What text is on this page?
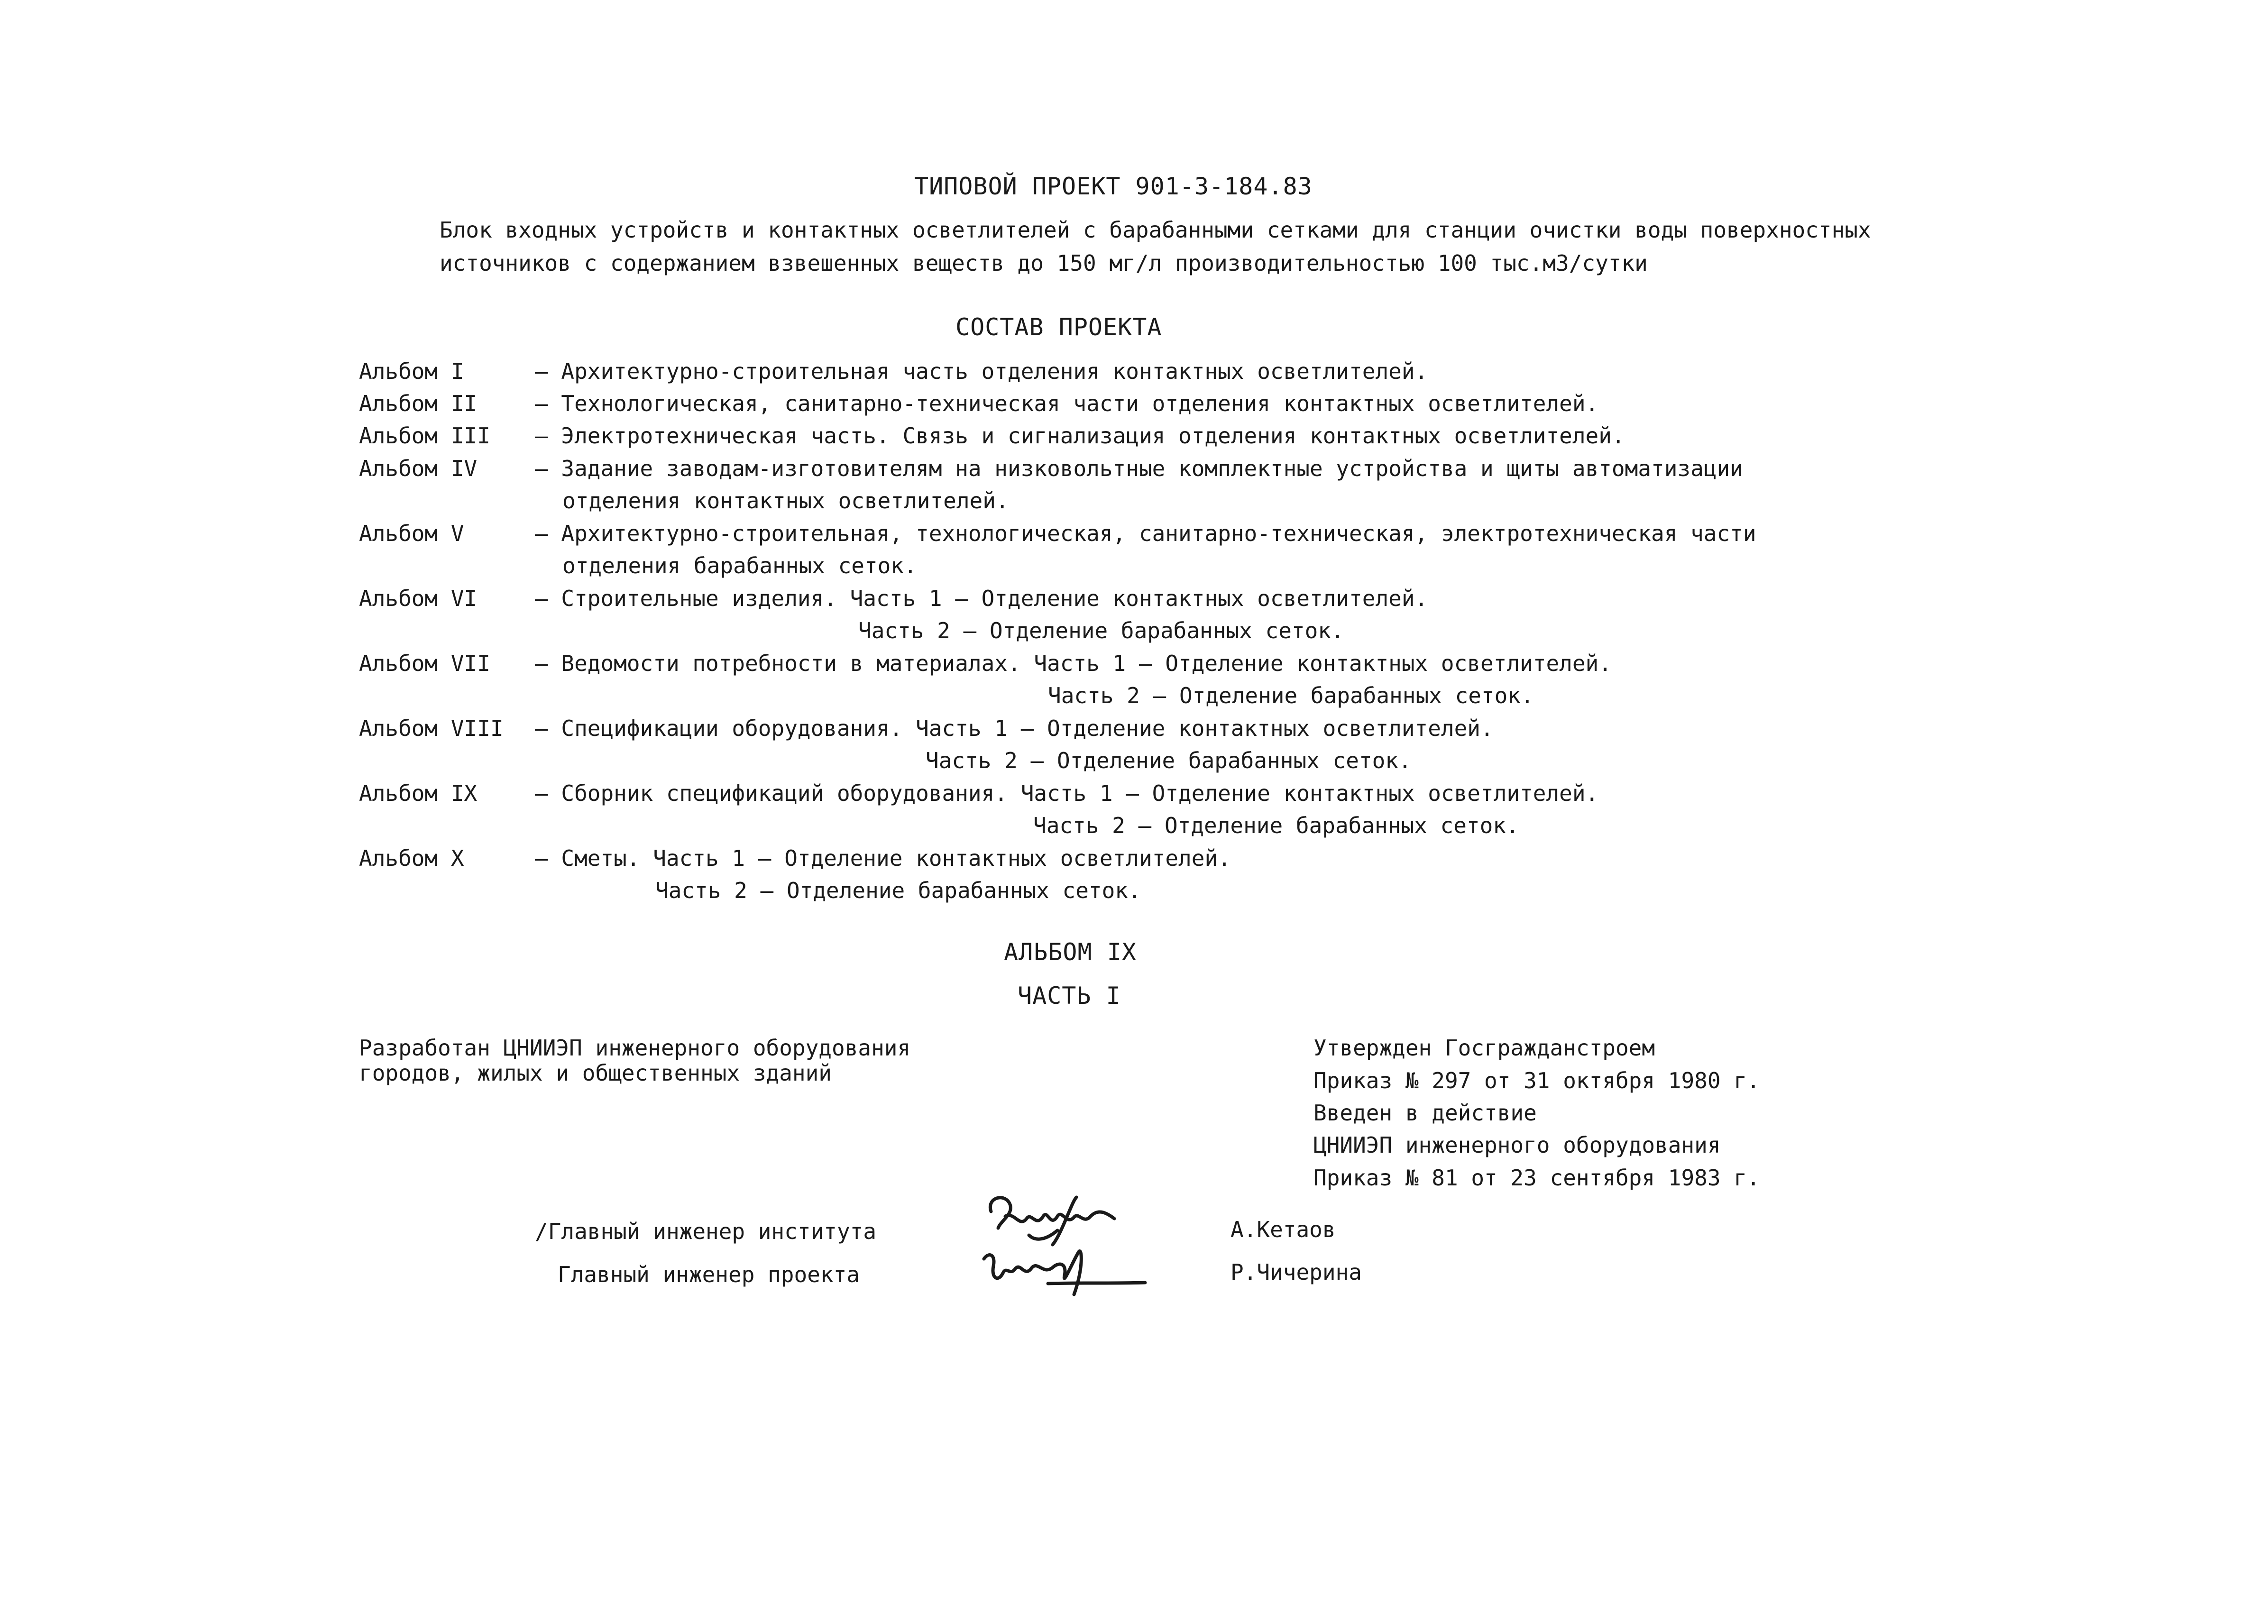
ТИПОВОЙ ПРОЕКТ 901-3-184.83
Блок входных устройств и контактных осветлителей с барабанными сетками для станции очистки воды поверхностных
источников с содержанием взвешенных веществ до 150 мг/л производительностью 100 тыс.м3/сутки
СОСТАВ ПРОЕКТА
Альбом I	– Архитектурно-строительная часть отделения контактных осветлителей.
Альбом II	– Технологическая, санитарно-техническая части отделения контактных осветлителей.
Альбом III – Электротехническая часть. Связь и сигнализация отделения контактных осветлителей.
Альбом IV	– Задание заводам-изготовителям на низковольтные комплектные устройства и щиты автоматизации
отделения контактных осветлителей.
Альбом V	– Архитектурно-строительная, технологическая, санитарно-техническая, электротехническая части
отделения барабанных сеток.
Альбом VI	– Строительные изделия. Часть 1 – Отделение контактных осветлителей.
Часть 2 – Отделение барабанных сеток.
Альбом VII – Ведомости потребности в материалах. Часть 1 – Отделение контактных осветлителей.
Часть 2 – Отделение барабанных сеток.
Альбом VIII – Спецификации оборудования. Часть 1 – Отделение контактных осветлителей.
Часть 2 – Отделение барабанных сеток.
Альбом IX	– Сборник спецификаций оборудования. Часть 1 – Отделение контактных осветлителей.
Часть 2 – Отделение барабанных сеток.
Альбом X	– Сметы. Часть 1 – Отделение контактных осветлителей.
Часть 2 – Отделение барабанных сеток.
АЛЬБОМ IX
ЧАСТЬ I
Разработан ЦНИИЭП инженерного оборудования
городов, жилых и общественных зданий
Утвержден Госгражданстроем
Приказ № 297 от 31 октября 1980 г.
Введен в действие
ЦНИИЭП инженерного оборудования
Приказ № 81 от 23 сентября 1983 г.
/Главный инженер института	А.Кетаов
Главный инженер проекта	Р.Чичерина
